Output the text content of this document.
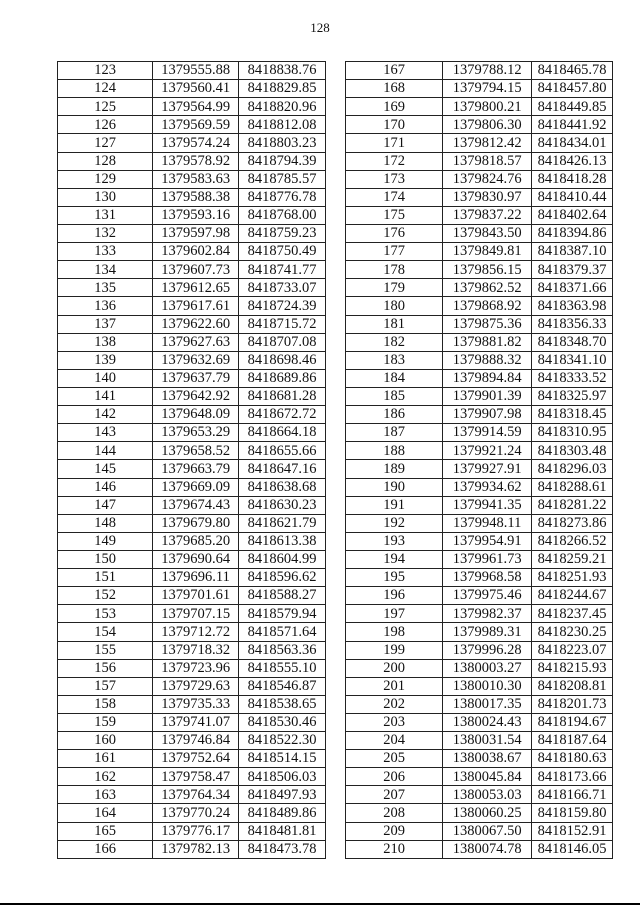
128
123	1379555.88	8418838.76
124	1379560.41	8418829.85
125	1379564.99	8418820.96
126	1379569.59	8418812.08
127	1379574.24	8418803.23
128	1379578.92	8418794.39
129	1379583.63	8418785.57
130	1379588.38	8418776.78
131	1379593.16	8418768.00
132	1379597.98	8418759.23
133	1379602.84	8418750.49
134	1379607.73	8418741.77
135	1379612.65	8418733.07
136	1379617.61	8418724.39
137	1379622.60	8418715.72
138	1379627.63	8418707.08
139	1379632.69	8418698.46
140	1379637.79	8418689.86
141	1379642.92	8418681.28
142	1379648.09	8418672.72
143	1379653.29	8418664.18
144	1379658.52	8418655.66
145	1379663.79	8418647.16
146	1379669.09	8418638.68
147	1379674.43	8418630.23
148	1379679.80	8418621.79
149	1379685.20	8418613.38
150	1379690.64	8418604.99
151	1379696.11	8418596.62
152	1379701.61	8418588.27
153	1379707.15	8418579.94
154	1379712.72	8418571.64
155	1379718.32	8418563.36
156	1379723.96	8418555.10
157	1379729.63	8418546.87
158	1379735.33	8418538.65
159	1379741.07	8418530.46
160	1379746.84	8418522.30
161	1379752.64	8418514.15
162	1379758.47	8418506.03
163	1379764.34	8418497.93
164	1379770.24	8418489.86
165	1379776.17	8418481.81
166	1379782.13	8418473.78
167	1379788.12	8418465.78
168	1379794.15	8418457.80
169	1379800.21	8418449.85
170	1379806.30	8418441.92
171	1379812.42	8418434.01
172	1379818.57	8418426.13
173	1379824.76	8418418.28
174	1379830.97	8418410.44
175	1379837.22	8418402.64
176	1379843.50	8418394.86
177	1379849.81	8418387.10
178	1379856.15	8418379.37
179	1379862.52	8418371.66
180	1379868.92	8418363.98
181	1379875.36	8418356.33
182	1379881.82	8418348.70
183	1379888.32	8418341.10
184	1379894.84	8418333.52
185	1379901.39	8418325.97
186	1379907.98	8418318.45
187	1379914.59	8418310.95
188	1379921.24	8418303.48
189	1379927.91	8418296.03
190	1379934.62	8418288.61
191	1379941.35	8418281.22
192	1379948.11	8418273.86
193	1379954.91	8418266.52
194	1379961.73	8418259.21
195	1379968.58	8418251.93
196	1379975.46	8418244.67
197	1379982.37	8418237.45
198	1379989.31	8418230.25
199	1379996.28	8418223.07
200	1380003.27	8418215.93
201	1380010.30	8418208.81
202	1380017.35	8418201.73
203	1380024.43	8418194.67
204	1380031.54	8418187.64
205	1380038.67	8418180.63
206	1380045.84	8418173.66
207	1380053.03	8418166.71
208	1380060.25	8418159.80
209	1380067.50	8418152.91
210	1380074.78	8418146.05
